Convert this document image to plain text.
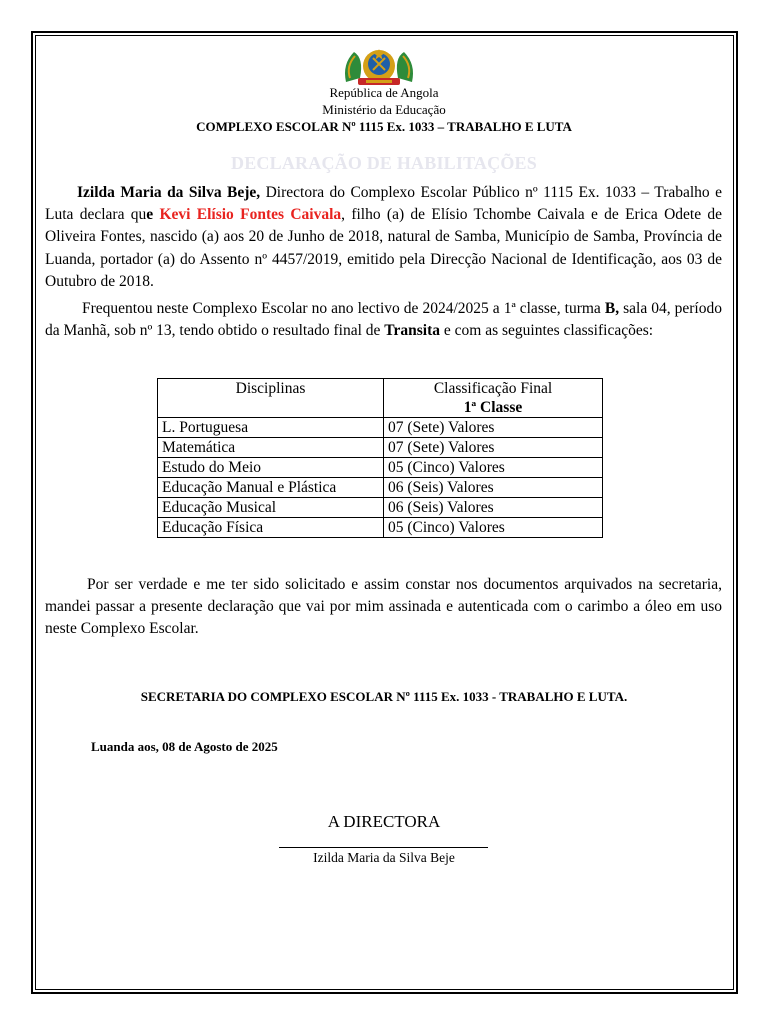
República de Angola
Ministério da Educação
COMPLEXO ESCOLAR Nº 1115 Ex. 1033 – TRABALHO E LUTA
DECLARAÇÃO DE HABILITAÇÕES

Izilda Maria da Silva Beje, Directora do Complexo Escolar Público nº 1115 Ex. 1033 – Trabalho e Luta declara que Kevi Elísio Fontes Caivala, filho (a) de Elísio Tchombe Caivala e de Erica Odete de Oliveira Fontes, nascido (a) aos 20 de Junho de 2018, natural de Samba, Município de Samba, Província de Luanda, portador (a) do Assento nº 4457/2019, emitido pela Direcção Nacional de Identificação, aos 03 de Outubro de 2018.

Frequentou neste Complexo Escolar no ano lectivo de 2024/2025 a 1ª classe, turma B, sala 04, período da Manhã, sob nº 13, tendo obtido o resultado final de Transita e com as seguintes classificações:

Disciplinas	Classificação Final
1ª Classe

L. Portuguesa	07 (Sete) Valores
Matemática	07 (Sete) Valores
Estudo do Meio	05 (Cinco) Valores
Educação Manual e Plástica	06 (Seis) Valores
Educação Musical	06 (Seis) Valores
Educação Física	05 (Cinco) Valores

Por ser verdade e me ter sido solicitado e assim constar nos documentos arquivados na secretaria, mandei passar a presente declaração que vai por mim assinada e autenticada com o carimbo a óleo em uso neste Complexo Escolar.

SECRETARIA DO COMPLEXO ESCOLAR Nº 1115 Ex. 1033 - TRABALHO E LUTA.
Luanda aos, 08 de Agosto de 2025
A DIRECTORA
Izilda Maria da Silva Beje
